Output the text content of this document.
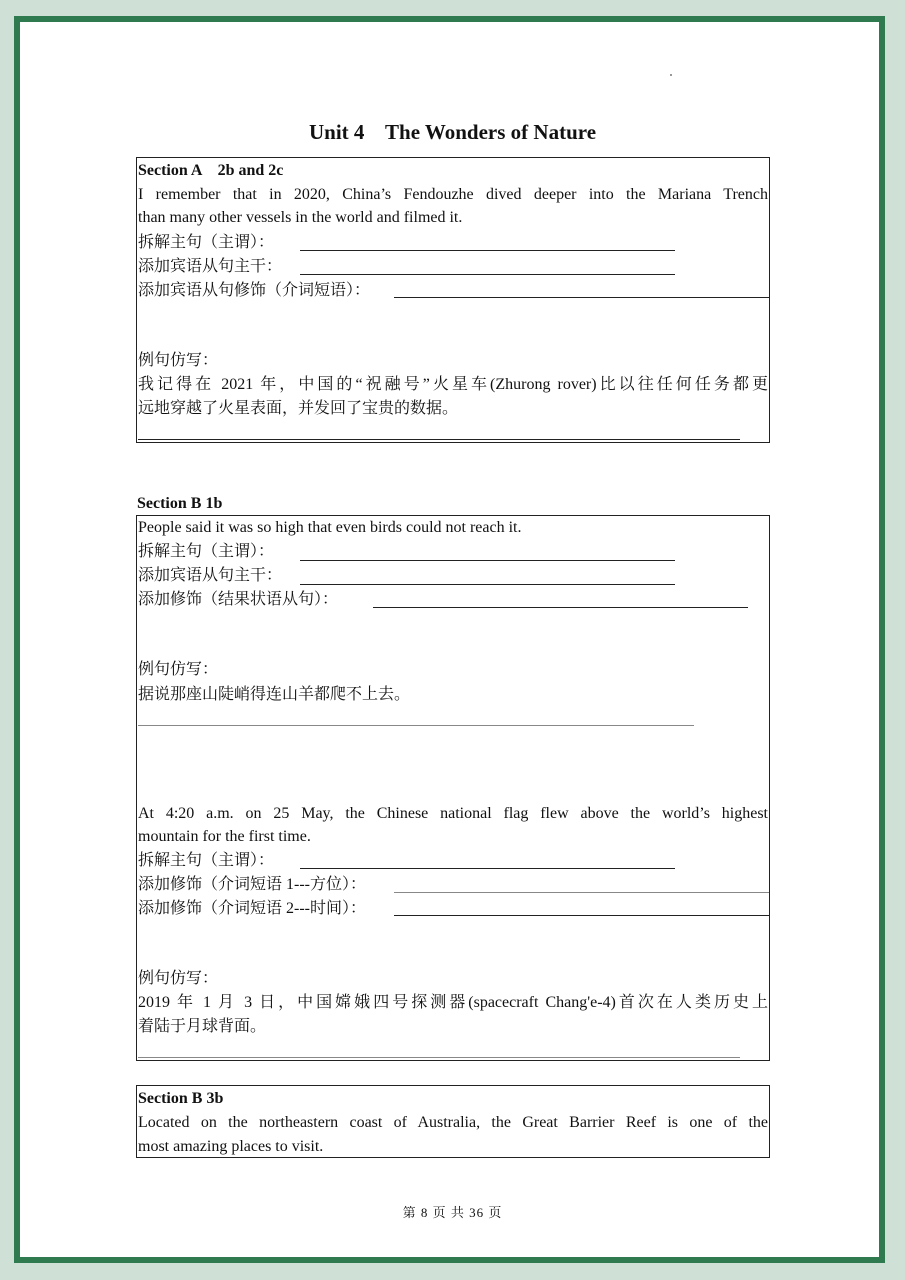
Unit 4    The Wonders of Nature
Section A    2b and 2c
I remember that in 2020, China’s Fendouzhe dived deeper into the Mariana Trench
than many other vessels in the world and filmed it.
拆解主句（主谓）：
添加宾语从句主干：
添加宾语从句修饰（介词短语）：
例句仿写：
我记得在 2021 年，中国的“祝融号”火星车(Zhurong rover)比以往任何任务都更
远地穿越了火星表面，并发回了宝贵的数据。
Section B 1b
People said it was so high that even birds could not reach it.
拆解主句（主谓）：
添加宾语从句主干：
添加修饰（结果状语从句）：
例句仿写：
据说那座山陡峭得连山羊都爬不上去。
At 4:20 a.m. on 25 May, the Chinese national flag flew above the world’s highest
mountain for the first time.
拆解主句（主谓）：
添加修饰（介词短语 1---方位）：
添加修饰（介词短语 2---时间）：
例句仿写：
2019 年 1 月 3 日，中国嫦娥四号探测器(spacecraft Chang'e-4)首次在人类历史上
着陆于月球背面。
Section B 3b
Located on the northeastern coast of Australia, the Great Barrier Reef is one of the
most amazing places to visit.
第 8 页 共 36 页
